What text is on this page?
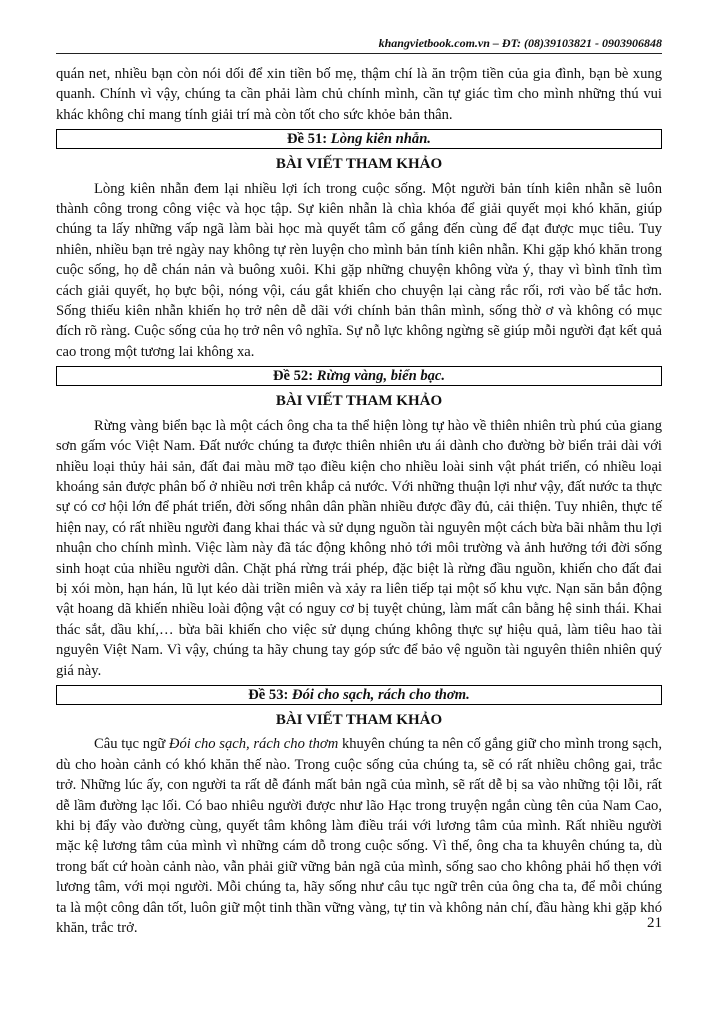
khangvietbook.com.vn – ĐT: (08)39103821 - 0903906848

quán net, nhiều bạn còn nói dối để xin tiền bố mẹ, thậm chí là ăn trộm tiền của gia đình, bạn bè xung quanh. Chính vì vậy, chúng ta cần phải làm chủ chính mình, cần tự giác tìm cho mình những thú vui khác không chỉ mang tính giải trí mà còn tốt cho sức khỏe bản thân.

Đề 51: Lòng kiên nhẫn.
BÀI VIẾT THAM KHẢO

Lòng kiên nhẫn đem lại nhiều lợi ích trong cuộc sống. Một người bản tính kiên nhẫn sẽ luôn thành công trong công việc và học tập. Sự kiên nhẫn là chìa khóa để giải quyết mọi khó khăn, giúp chúng ta lấy những vấp ngã làm bài học mà quyết tâm cố gắng đến cùng để đạt được mục tiêu. Tuy nhiên, nhiều bạn trẻ ngày nay không tự rèn luyện cho mình bản tính kiên nhẫn. Khi gặp khó khăn trong cuộc sống, họ dễ chán nản và buông xuôi. Khi gặp những chuyện không vừa ý, thay vì bình tĩnh tìm cách giải quyết, họ bực bội, nóng vội, cáu gắt khiến cho chuyện lại càng rắc rối, rơi vào bế tắc hơn. Sống thiếu kiên nhẫn khiến họ trở nên dễ dãi với chính bản thân mình, sống thờ ơ và không có mục đích rõ ràng. Cuộc sống của họ trở nên vô nghĩa. Sự nỗ lực không ngừng sẽ giúp mỗi người đạt kết quả cao trong một tương lai không xa.

Đề 52: Rừng vàng, biển bạc.
BÀI VIẾT THAM KHẢO

Rừng vàng biển bạc là một cách ông cha ta thể hiện lòng tự hào về thiên nhiên trù phú của giang sơn gấm vóc Việt Nam. Đất nước chúng ta được thiên nhiên ưu ái dành cho đường bờ biển trải dài với nhiều loại thủy hải sản, đất đai màu mỡ tạo điều kiện cho nhiều loài sinh vật phát triển, có nhiều loại khoáng sản được phân bố ở nhiều nơi trên khắp cả nước. Với những thuận lợi như vậy, đất nước ta thực sự có cơ hội lớn để phát triển, đời sống nhân dân phần nhiều được đầy đủ, cải thiện. Tuy nhiên, thực tế hiện nay, có rất nhiều người đang khai thác và sử dụng nguồn tài nguyên một cách bừa bãi nhằm thu lợi nhuận cho chính mình. Việc làm này đã tác động không nhỏ tới môi trường và ảnh hưởng tới đời sống sinh hoạt của nhiều người dân. Chặt phá rừng trái phép, đặc biệt là rừng đầu nguồn, khiến cho đất đai bị xói mòn, hạn hán, lũ lụt kéo dài triền miên và xảy ra liên tiếp tại một số khu vực. Nạn săn bắn động vật hoang dã khiến nhiều loài động vật có nguy cơ bị tuyệt chủng, làm mất cân bằng hệ sinh thái. Khai thác sắt, dầu khí,… bừa bãi khiến cho việc sử dụng chúng không thực sự hiệu quả, làm tiêu hao tài nguyên Việt Nam. Vì vậy, chúng ta hãy chung tay góp sức để bảo vệ nguồn tài nguyên thiên nhiên quý giá này.

Đề 53: Đói cho sạch, rách cho thơm.
BÀI VIẾT THAM KHẢO

Câu tục ngữ Đói cho sạch, rách cho thơm khuyên chúng ta nên cố gắng giữ cho mình trong sạch, dù cho hoàn cảnh có khó khăn thế nào. Trong cuộc sống của chúng ta, sẽ có rất nhiều chông gai, trắc trở. Những lúc ấy, con người ta rất dễ đánh mất bản ngã của mình, sẽ rất dễ bị sa vào những tội lỗi, rất dễ lầm đường lạc lối. Có bao nhiêu người được như lão Hạc trong truyện ngắn cùng tên của Nam Cao, khi bị đẩy vào đường cùng, quyết tâm không làm điều trái với lương tâm của mình. Rất nhiều người mặc kệ lương tâm của mình vì những cám dỗ trong cuộc sống. Vì thế, ông cha ta khuyên chúng ta, dù trong bất cứ hoàn cảnh nào, vẫn phải giữ vững bản ngã của mình, sống sao cho không phải hổ thẹn với lương tâm, với mọi người. Mỗi chúng ta, hãy sống như câu tục ngữ trên của ông cha ta, để mỗi chúng ta là một công dân tốt, luôn giữ một tinh thần vững vàng, tự tin và không nản chí, đầu hàng khi gặp khó khăn, trắc trở.	21
